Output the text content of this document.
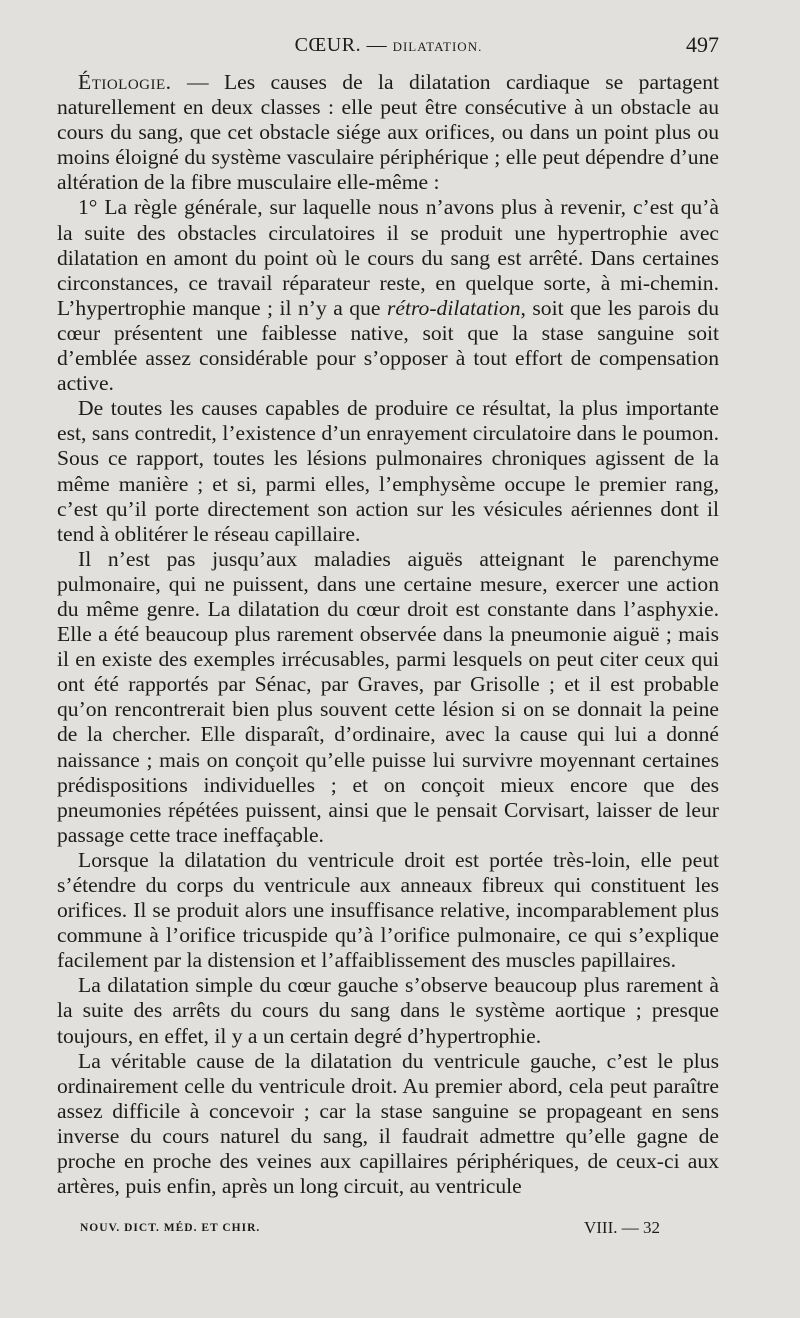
CŒUR. — DILATATION.	497

Étiologie. — Les causes de la dilatation cardiaque se partagent naturellement en deux classes : elle peut être consécutive à un obstacle au cours du sang, que cet obstacle siége aux orifices, ou dans un point plus ou moins éloigné du système vasculaire périphérique ; elle peut dépendre d’une altération de la fibre musculaire elle-même :

1° La règle générale, sur laquelle nous n’avons plus à revenir, c’est qu’à la suite des obstacles circulatoires il se produit une hypertrophie avec dilatation en amont du point où le cours du sang est arrêté. Dans certaines circonstances, ce travail réparateur reste, en quelque sorte, à mi-chemin. L’hypertrophie manque ; il n’y a que rétro-dilatation, soit que les parois du cœur présentent une faiblesse native, soit que la stase sanguine soit d’emblée assez considérable pour s’opposer à tout effort de compensation active.

De toutes les causes capables de produire ce résultat, la plus importante est, sans contredit, l’existence d’un enrayement circulatoire dans le poumon. Sous ce rapport, toutes les lésions pulmonaires chroniques agissent de la même manière ; et si, parmi elles, l’emphysème occupe le premier rang, c’est qu’il porte directement son action sur les vésicules aériennes dont il tend à oblitérer le réseau capillaire.

Il n’est pas jusqu’aux maladies aiguës atteignant le parenchyme pulmonaire, qui ne puissent, dans une certaine mesure, exercer une action du même genre. La dilatation du cœur droit est constante dans l’asphyxie. Elle a été beaucoup plus rarement observée dans la pneumonie aiguë ; mais il en existe des exemples irrécusables, parmi lesquels on peut citer ceux qui ont été rapportés par Sénac, par Graves, par Grisolle ; et il est probable qu’on rencontrerait bien plus souvent cette lésion si on se donnait la peine de la chercher. Elle disparaît, d’ordinaire, avec la cause qui lui a donné naissance ; mais on conçoit qu’elle puisse lui survivre moyennant certaines prédispositions individuelles ; et on conçoit mieux encore que des pneumonies répétées puissent, ainsi que le pensait Corvisart, laisser de leur passage cette trace ineffaçable.

Lorsque la dilatation du ventricule droit est portée très-loin, elle peut s’étendre du corps du ventricule aux anneaux fibreux qui constituent les orifices. Il se produit alors une insuffisance relative, incomparablement plus commune à l’orifice tricuspide qu’à l’orifice pulmonaire, ce qui s’explique facilement par la distension et l’affaiblissement des muscles papillaires.

La dilatation simple du cœur gauche s’observe beaucoup plus rarement à la suite des arrêts du cours du sang dans le système aortique ; presque toujours, en effet, il y a un certain degré d’hypertrophie.

La véritable cause de la dilatation du ventricule gauche, c’est le plus ordinairement celle du ventricule droit. Au premier abord, cela peut paraître assez difficile à concevoir ; car la stase sanguine se propageant en sens inverse du cours naturel du sang, il faudrait admettre qu’elle gagne de proche en proche des veines aux capillaires périphériques, de ceux-ci aux artères, puis enfin, après un long circuit, au ventricule

NOUV. DICT. MÉD. ET CHIR.	VIII. — 32
